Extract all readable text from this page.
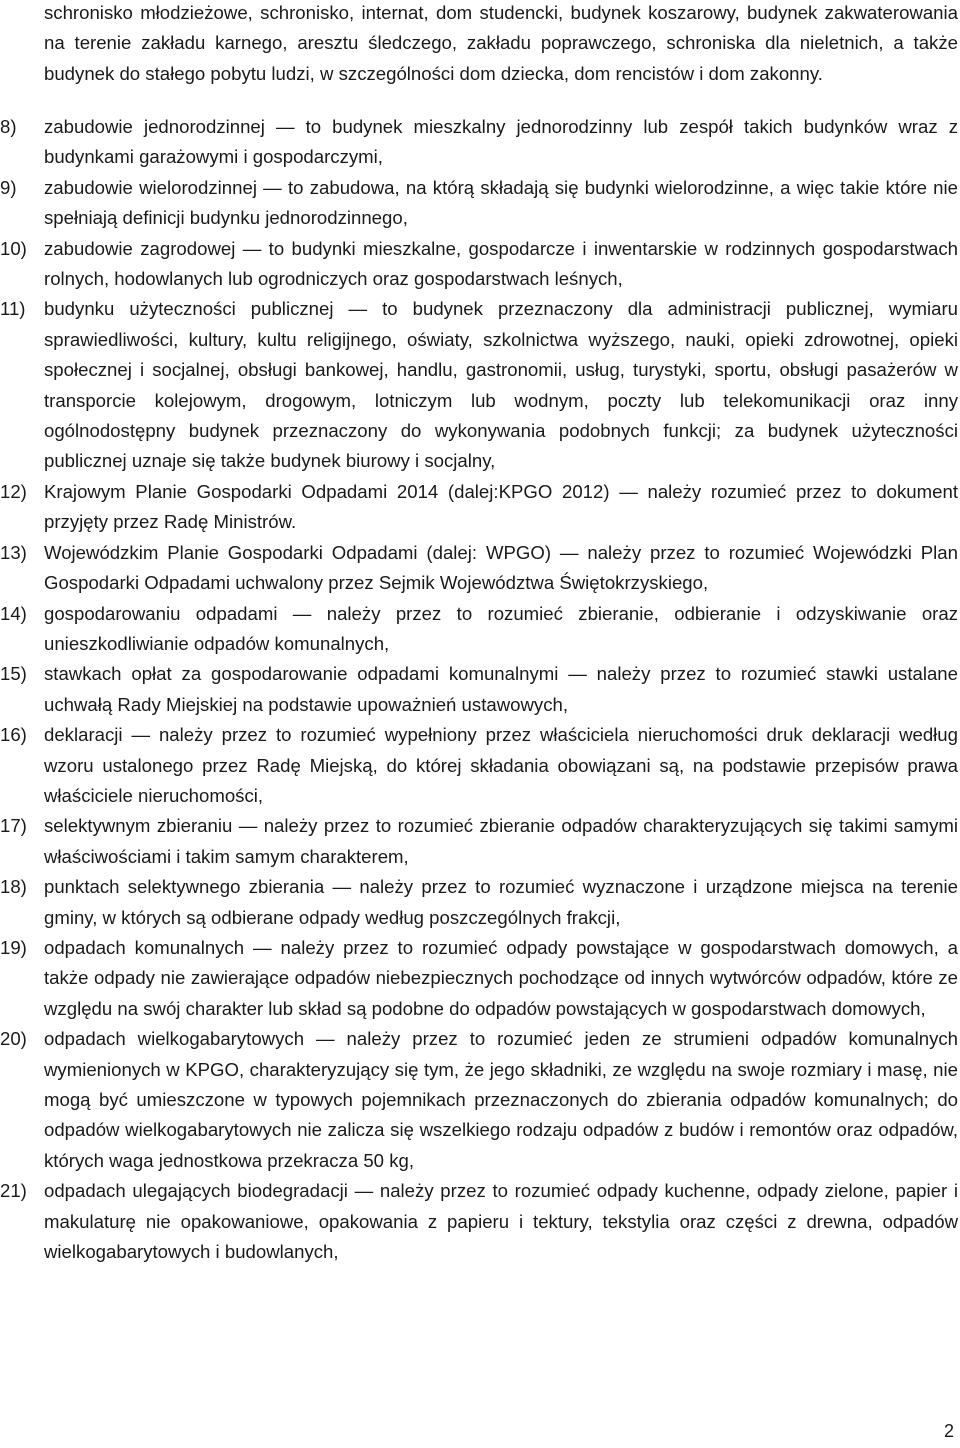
schronisko młodzieżowe, schronisko, internat, dom studencki, budynek koszarowy, budynek zakwaterowania na terenie zakładu karnego, aresztu śledczego, zakładu poprawczego, schroniska dla nieletnich, a także budynek do stałego pobytu ludzi, w szczególności dom dziecka, dom rencistów i dom zakonny.
8)	zabudowie jednorodzinnej — to budynek mieszkalny jednorodzinny lub zespół takich budynków wraz z budynkami garażowymi i gospodarczymi,
9)	zabudowie wielorodzinnej — to zabudowa, na którą składają się budynki wielorodzinne, a więc takie które nie spełniają definicji budynku jednorodzinnego,
10) zabudowie zagrodowej — to budynki mieszkalne, gospodarcze i inwentarskie w rodzinnych gospodarstwach rolnych, hodowlanych lub ogrodniczych oraz gospodarstwach leśnych,
11) budynku użyteczności publicznej — to budynek przeznaczony dla administracji publicznej, wymiaru sprawiedliwości, kultury, kultu religijnego, oświaty, szkolnictwa wyższego, nauki, opieki zdrowotnej, opieki społecznej i socjalnej, obsługi bankowej, handlu, gastronomii, usług, turystyki, sportu, obsługi pasażerów w transporcie kolejowym, drogowym, lotniczym lub wodnym, poczty lub telekomunikacji oraz inny ogólnodostępny budynek przeznaczony do wykonywania podobnych funkcji; za budynek użyteczności publicznej uznaje się także budynek biurowy i socjalny,
12) Krajowym Planie Gospodarki Odpadami 2014 (dalej:KPGO 2012) — należy rozumieć przez to dokument przyjęty przez Radę Ministrów.
13) Wojewódzkim Planie Gospodarki Odpadami (dalej: WPGO) — należy przez to rozumieć Wojewódzki Plan Gospodarki Odpadami uchwalony przez Sejmik Województwa Świętokrzyskiego,
14) gospodarowaniu odpadami — należy przez to rozumieć zbieranie, odbieranie i odzyskiwanie oraz unieszkodliwianie odpadów komunalnych,
15) stawkach opłat za gospodarowanie odpadami komunalnymi — należy przez to rozumieć stawki ustalane uchwałą Rady Miejskiej na podstawie upoważnień ustawowych,
16) deklaracji — należy przez to rozumieć wypełniony przez właściciela nieruchomości druk deklaracji według wzoru ustalonego przez Radę Miejską, do której składania obowiązani są, na podstawie przepisów prawa właściciele nieruchomości,
17) selektywnym zbieraniu — należy przez to rozumieć zbieranie odpadów charakteryzujących się takimi samymi właściwościami i takim samym charakterem,
18) punktach selektywnego zbierania — należy przez to rozumieć wyznaczone i urządzone miejsca na terenie gminy, w których są odbierane odpady według poszczególnych frakcji,
19) odpadach komunalnych — należy przez to rozumieć odpady powstające w gospodarstwach domowych, a także odpady nie zawierające odpadów niebezpiecznych pochodzące od innych wytwórców odpadów, które ze względu na swój charakter lub skład są podobne do odpadów powstających w gospodarstwach domowych,
20) odpadach wielkogabarytowych — należy przez to rozumieć jeden ze strumieni odpadów komunalnych wymienionych w KPGO, charakteryzujący się tym, że jego składniki, ze względu na swoje rozmiary i masę, nie mogą być umieszczone w typowych pojemnikach przeznaczonych do zbierania odpadów komunalnych; do odpadów wielkogabarytowych nie zalicza się wszelkiego rodzaju odpadów z budów i remontów oraz odpadów, których waga jednostkowa przekracza 50 kg,
21) odpadach ulegających biodegradacji — należy przez to rozumieć odpady kuchenne, odpady zielone, papier i makulaturę nie opakowaniowe, opakowania z papieru i tektury, tekstylia oraz części z drewna, odpadów wielkogabarytowych i budowlanych,
2
